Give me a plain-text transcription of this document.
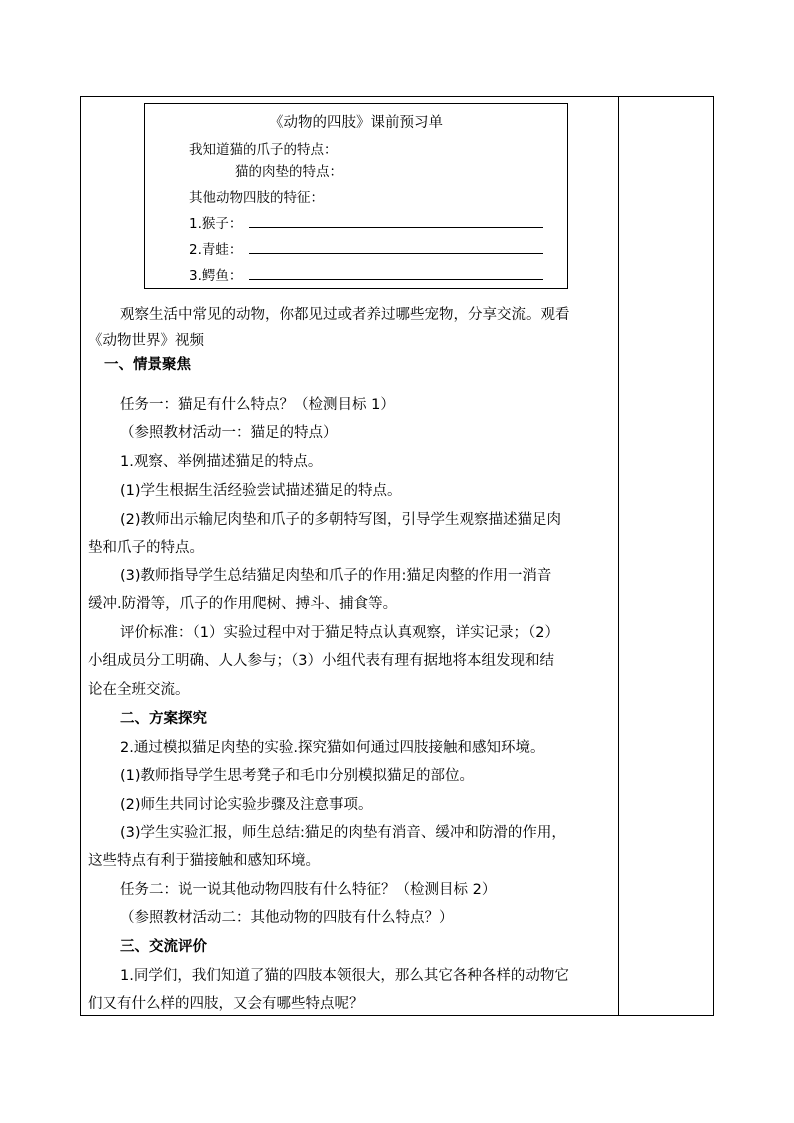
《动物的四肢》课前预习单
我知道猫的爪子的特点：
猫的肉垫的特点：
其他动物四肢的特征：
1.猴子：
2.青蛙：
3.鳄鱼：
观察生活中常见的动物，你都见过或者养过哪些宠物，分享交流。观看
《动物世界》视频
一、情景聚焦
任务一：猫足有什么特点？（检测目标 1）
（参照教材活动一：猫足的特点）
1.观察、举例描述猫足的特点。
(1)学生根据生活经验尝试描述猫足的特点。
(2)教师出示输尼肉垫和爪子的多朝特写图，引导学生观察描述猫足肉
垫和爪子的特点。
(3)教师指导学生总结猫足肉垫和爪子的作用:猫足肉整的作用一消音
缓冲.防滑等，爪子的作用爬树、搏斗、捕食等。
评价标准：（1）实验过程中对于猫足特点认真观察，详实记录；（2）
小组成员分工明确、人人参与；（3）小组代表有理有据地将本组发现和结
论在全班交流。
二、方案探究
2.通过模拟猫足肉垫的实验.探究猫如何通过四肢接触和感知环境。
(1)教师指导学生思考凳子和毛巾分别模拟猫足的部位。
(2)师生共同讨论实验步骤及注意事项。
(3)学生实验汇报，师生总结:猫足的肉垫有消音、缓冲和防滑的作用，
这些特点有利于猫接触和感知环境。
任务二：说一说其他动物四肢有什么特征？（检测目标 2）
（参照教材活动二：其他动物的四肢有什么特点？）
三、交流评价
1.同学们，我们知道了猫的四肢本领很大，那么其它各种各样的动物它
们又有什么样的四肢，又会有哪些特点呢？
